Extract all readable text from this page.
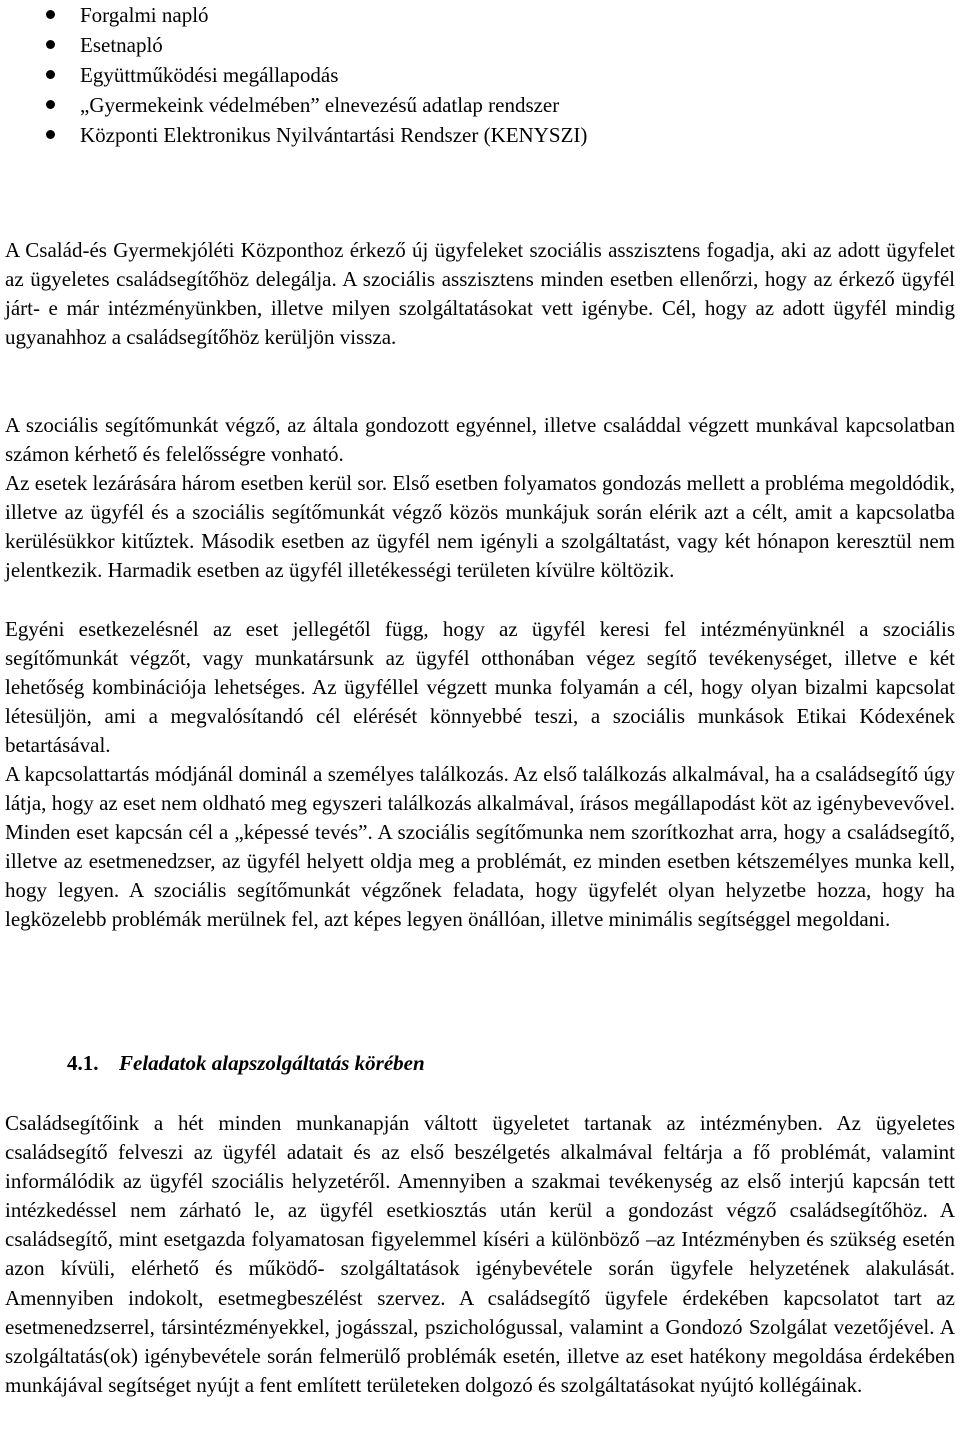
Forgalmi napló
Esetnapló
Együttműködési megállapodás
„Gyermekeink védelmében” elnevezésű adatlap rendszer
Központi Elektronikus Nyilvántartási Rendszer (KENYSZI)

A Család-és Gyermekjóléti Központhoz érkező új ügyfeleket szociális asszisztens fogadja, aki az adott ügyfelet az ügyeletes családsegítőhöz delegálja. A szociális asszisztens minden esetben ellenőrzi, hogy az érkező ügyfél járt- e már intézményünkben, illetve milyen szolgáltatásokat vett igénybe. Cél, hogy az adott ügyfél mindig ugyanahhoz a családsegítőhöz kerüljön vissza.

A szociális segítőmunkát végző, az általa gondozott egyénnel, illetve családdal végzett munkával kapcsolatban számon kérhető és felelősségre vonható.

Az esetek lezárására három esetben kerül sor. Első esetben folyamatos gondozás mellett a probléma megoldódik, illetve az ügyfél és a szociális segítőmunkát végző közös munkájuk során elérik azt a célt, amit a kapcsolatba kerülésükkor kitűztek. Második esetben az ügyfél nem igényli a szolgáltatást, vagy két hónapon keresztül nem jelentkezik. Harmadik esetben az ügyfél illetékességi területen kívülre költözik.

Egyéni esetkezelésnél az eset jellegétől függ, hogy az ügyfél keresi fel intézményünknél a szociális segítőmunkát végzőt, vagy munkatársunk az ügyfél otthonában végez segítő tevékenységet, illetve e két lehetőség kombinációja lehetséges. Az ügyféllel végzett munka folyamán a cél, hogy olyan bizalmi kapcsolat létesüljön, ami a megvalósítandó cél elérését könnyebbé teszi, a szociális munkások Etikai Kódexének betartásával.

A kapcsolattartás módjánál dominál a személyes találkozás. Az első találkozás alkalmával, ha a családsegítő úgy látja, hogy az eset nem oldható meg egyszeri találkozás alkalmával, írásos megállapodást köt az igénybevevővel. Minden eset kapcsán cél a „képessé tevés”. A szociális segítőmunka nem szorítkozhat arra, hogy a családsegítő, illetve az esetmenedzser, az ügyfél helyett oldja meg a problémát, ez minden esetben kétszemélyes munka kell, hogy legyen. A szociális segítőmunkát végzőnek feladata, hogy ügyfelét olyan helyzetbe hozza, hogy ha legközelebb problémák merülnek fel, azt képes legyen önállóan, illetve minimális segítséggel megoldani.

4.1. Feladatok alapszolgáltatás körében

Családsegítőink a hét minden munkanapján váltott ügyeletet tartanak az intézményben. Az ügyeletes családsegítő felveszi az ügyfél adatait és az első beszélgetés alkalmával feltárja a fő problémát, valamint informálódik az ügyfél szociális helyzetéről. Amennyiben a szakmai tevékenység az első interjú kapcsán tett intézkedéssel nem zárható le, az ügyfél esetkiosztás után kerül a gondozást végző családsegítőhöz. A családsegítő, mint esetgazda folyamatosan figyelemmel kíséri a különböző –az Intézményben és szükség esetén azon kívüli, elérhető és működő- szolgáltatások igénybevétele során ügyfele helyzetének alakulását. Amennyiben indokolt, esetmegbeszélést szervez. A családsegítő ügyfele érdekében kapcsolatot tart az esetmenedzserrel, társintézményekkel, jogásszal, pszichológussal, valamint a Gondozó Szolgálat vezetőjével. A szolgáltatás(ok) igénybevétele során felmerülő problémák esetén, illetve az eset hatékony megoldása érdekében munkájával segítséget nyújt a fent említett területeken dolgozó és szolgáltatásokat nyújtó kollégáinak.
